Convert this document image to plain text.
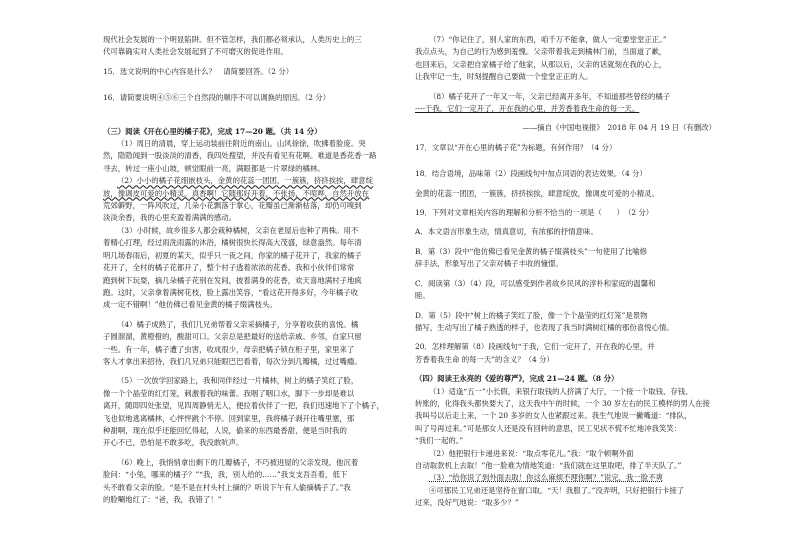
现代社会发展的一个明显陷阱。但不管怎样，我们都必须承认，人类历史上的三

代可靠确实对人类社会发展起到了不可磨灭的促进作用。

15．选文说明的中心内容是什么？　请简要回答。（2 分）

16．请简要说明④⑤⑥三个自然段的顺序不可以调换的原因。（2 分）

（三）阅读《开在心里的橘子花》，完成 17—20 题。（共 14 分）

（1）周日的清晨，穿上运动装前往附近的南山。山风徐徐，吹拂着脸庞。突

然，隐隐闻到一股淡淡的清香，我四处搜望，并没有看见有花啊。难道是香花香一路

寻去，转过一座小山坡，顿觉眼前一亮，满眼都是一片翠绿的橘林。

（2）小小的橘子花细嵌枝头，金黄的花蕊一团团，一簇簇，挤挤挨挨，肆意绽

放，像调皮可爱的小精灵。真香啊！它随那好开着，不张扬，不喧哗，自然开放在

荒郊僻野，一阵风吹过，几朵小花飘落于掌心，花瓣虽已渐渐枯落，却仍可嗅到

淡淡余香，我的心里充盈着满满的感动。

（3）小时候，故乡很多人都会栽种橘树，父亲在老屋后也种了两株。用不

着精心打理，经过雨洗雨露的沐浴，橘树很快长得高大茂盛，绿意盎然。每年清

明几场春雨后，初夏的某天，似乎只一夜之间，你家的橘子花开了，我家的橘子

花开了，全村的橘子花都开了，整个村子透着浓浓的花香。我和小伙伴们常常

跑到树下玩耍，摘几朵橘子花别在发间，披着满身的花香，欢天喜地满村子地疯

跑。这时，父亲拿着满树花枝，脸上露出笑容，“看这花开得多好，今年橘子收

成一定不错啊！”他仿佛已看见金黄的橘子缀满枝头。

（4）橘子成熟了，我们几兄弟帮着父亲采摘橘子，分享着收获的喜悦。橘

子圆溜溜，黄橙橙的，酸甜可口。父亲总是把最好的送给亲戚、乡邻，自家只留

一些。有一年，橘子遭了虫害，收成很少，母亲把橘子锁在柜子里，家里来了

客人才拿出来招待，我们几兄弟只能眼巴巴看着，每次分到几瓣橘，过过嘴瘾。

（5）一次放学回家路上，我和同伴经过一片橘林，树上的橘子笑红了脸，

像一个个晶莹的红灯笼，刺激着我的味蕾。我咽了咽口水，脚下一步却是难以

离开，随即四处张望，见四周静悄无人，便拉着伙伴了一把，我们迅速地下了个橘子，

飞也似地逃离橘林，心怦怦跳个不停。回到家里，我将橘子剥开往嘴里塞，那

种甜啊，现在似乎还能回忆得起，人说，偷来的东西最香甜，便是当时我的

开心不已，恐怕是不敢多吃，我没敢吭声。

（6）晚上，我悄悄拿出剩下的几瓣橘子，不巧被进屋的父亲发现。他沉着

脸问：“小兔，哪来的橘子？”“我，我，别人给的……”我支支吾吾着，低下

头不敢看父亲的脸。“是不是在村头村上摘的？听说下午有人偷摘橘子了。”我

的脸唰地红了：“爸，我，我错了！”

（7）“你记住了，别人家的东西，咱千万不能拿，做人一定要堂堂正正。”

我点点头，为自己的行为感到羞愧。父亲带着我走到橘林门前，当面道了歉，

也回来后，父亲把自家橘子给了他家，从那以后，父亲的话就刻在我的心上，

让我牢记一生，时刻提醒自己要做一个堂堂正正的人。

（8）橘子花开了一年又一年，父亲已经离开多年，不知道那些曾经的橘子

----于我，它们一定开了，开在我的心里，并芳香着我生命的每一天。

——摘自《中国电视报》　2018 年 04 月 19 日（有删改）

17．文章以“开在心里的橘子花”为标题，有何作用？（4 分）

18．结合语境，品味第（2）段画线句中加点词语的表达效果。（4 分）

金黄的花蕊一团团，一簇簇，挤挤挨挨，肆意绽放，像调皮可爱的小精灵。

19．下列对文章相关内容的理解和分析不恰当的一项是（　　）　（2 分）

A．本文语言形象生动，情真意切，有浓郁的抒情意味。

B．第（3）段中“他仿佛已看见金黄的橘子缀满枝头”一句使用了比喻修

辞手法，形象写出了父亲对橘子丰收的憧憬。

C．阅读第（3）（4）段，可以感受到作者故乡民风的淳朴和家庭的温馨和

睦。

D．第（5）段中“树上的橘子笑红了脸，像一个个晶莹的红灯笼”是景物

描写，生动写出了橘子熟透的样子，也表现了我当时满树红橘的那份喜悦心情。

20．怎样理解第（8）段画线句“于我，它们一定开了，开在我的心里，并

芳香着我生命 的每一天”的含义？（4 分）

（四）阅读王永亮的《爱的尊严》，完成 21—24 题。（8 分）

（1）适逢“五一”小长假，来银行取钱的人挤满了大厅，一个接一个取钱、存钱、

转账的，化得我头都快要大了，这天我中午的时候，一个 30 岁左右的民工模样的男人在接

我叫号以后走上来，一个 20 多岁的女人也紧跟过来。我生气地说一撇嘴道：“排队，

叫了号再过来。”可是那女人还是没有回转的意思，民工见状不慌不忙地冲我笑笑：

“我们一起的。”

（2）他把银行卡递进来说：“取点零花儿。”我：“取个顿啊外面

自动取款机上去取！”他一脸难为情地笑道：“我们就在这里取吧，排了半天队了。”

（3）“给你说了到外面去取！你这么麻烦不理你啊？”说完，我一脸不爽

④可那民工兄弟还是坚持在窗口取。“天！我服了。”没弄明，只好把银行卡接了

过来，没好气地说：“取多少？”
